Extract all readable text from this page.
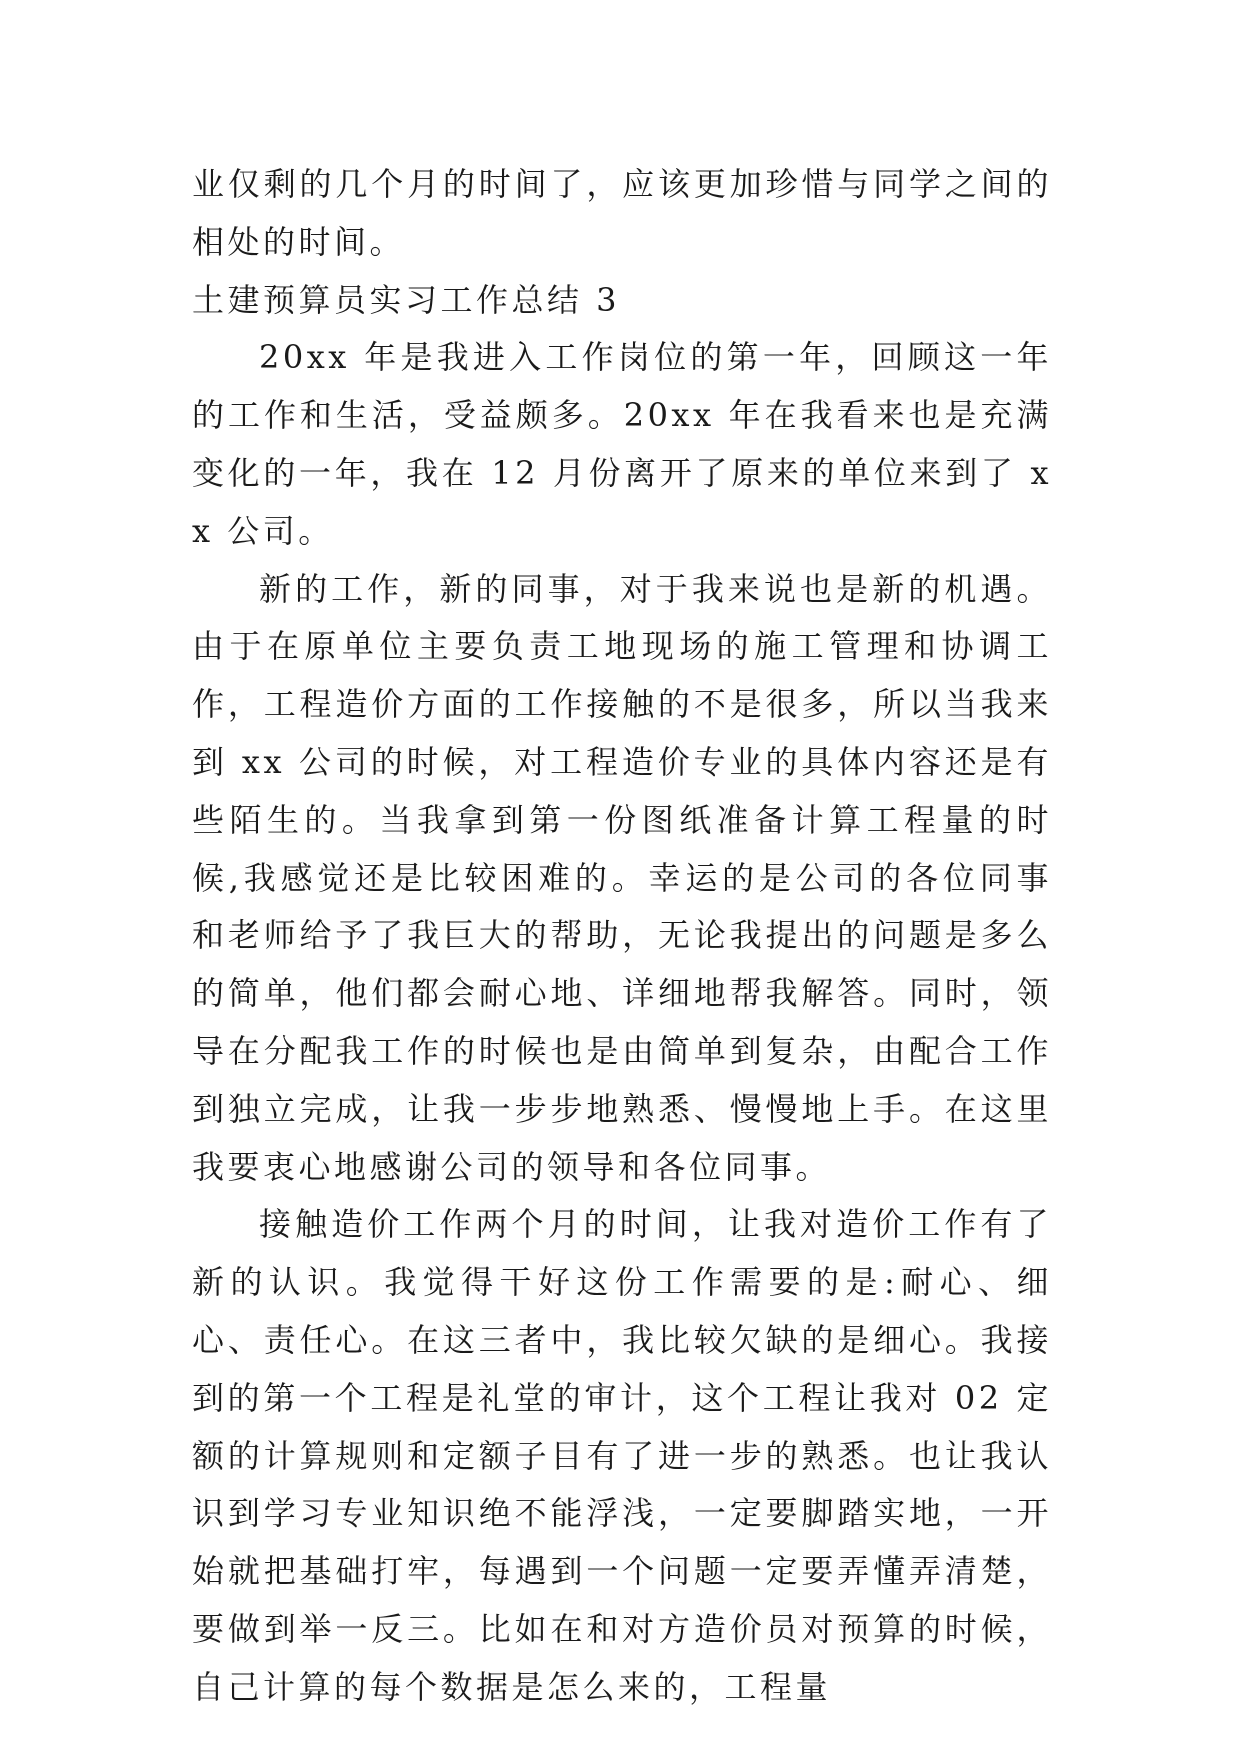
业仅剩的几个月的时间了，应该更加珍惜与同学之间的相处的时间。

土建预算员实习工作总结 3

20xx 年是我进入工作岗位的第一年，回顾这一年的工作和生活，受益颇多。20xx 年在我看来也是充满变化的一年，我在 12 月份离开了原来的单位来到了 xx 公司。

新的工作，新的同事，对于我来说也是新的机遇。由于在原单位主要负责工地现场的施工管理和协调工作，工程造价方面的工作接触的不是很多，所以当我来到 xx 公司的时候，对工程造价专业的具体内容还是有些陌生的。当我拿到第一份图纸准备计算工程量的时候,我感觉还是比较困难的。幸运的是公司的各位同事和老师给予了我巨大的帮助，无论我提出的问题是多么的简单，他们都会耐心地、详细地帮我解答。同时，领导在分配我工作的时候也是由简单到复杂，由配合工作到独立完成，让我一步步地熟悉、慢慢地上手。在这里我要衷心地感谢公司的领导和各位同事。

接触造价工作两个月的时间，让我对造价工作有了新的认识。我觉得干好这份工作需要的是:耐心、细心、责任心。在这三者中，我比较欠缺的是细心。我接到的第一个工程是礼堂的审计，这个工程让我对 02 定额的计算规则和定额子目有了进一步的熟悉。也让我认识到学习专业知识绝不能浮浅，一定要脚踏实地，一开始就把基础打牢，每遇到一个问题一定要弄懂弄清楚，要做到举一反三。比如在和对方造价员对预算的时候，自己计算的每个数据是怎么来的，工程量
